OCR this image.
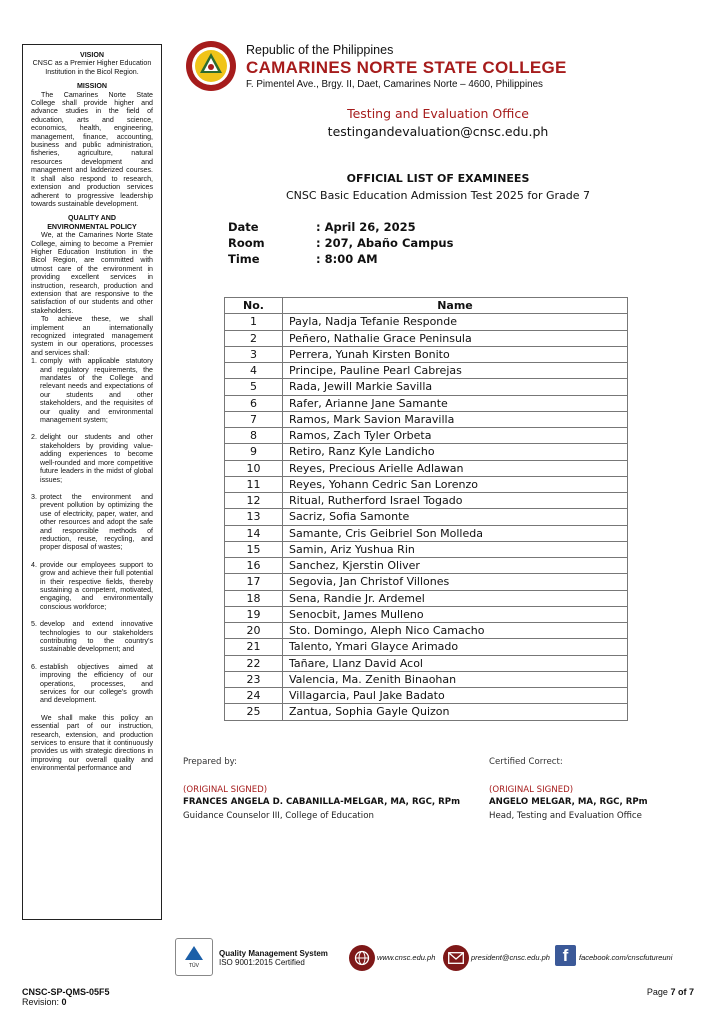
VISION
CNSC as a Premier Higher Education Institution in the Bicol Region.
MISSION
The Camarines Norte State College shall provide higher and advance studies in the field of education, arts and science, economics, health, engineering, management, finance, accounting, business and public administration, fisheries, agriculture, natural resources development and management and ladderized courses. It shall also respond to research, extension and production services adherent to progressive leadership towards sustainable development.
QUALITY AND
ENVIRONMENTAL POLICY
We, at the Camarines Norte State College, aiming to become a Premier Higher Education Institution in the Bicol Region, are committed with utmost care of the environment in providing excellent services in instruction, research, production and extension that are responsive to the satisfaction of our students and other stakeholders.
To achieve these, we shall implement an internationally recognized integrated management system in our operations, processes and services shall:
1. comply with applicable statutory and regulatory requirements, the mandates of the College and relevant needs and expectations of our students and other stakeholders, and the requisites of our quality and environmental management system;
2. delight our students and other stakeholders by providing value-adding experiences to become well-rounded and more competitive future leaders in the midst of global issues;
3. protect the environment and prevent pollution by optimizing the use of electricity, paper, water, and other resources and adopt the safe and responsible methods of reduction, reuse, recycling, and proper disposal of wastes;
4. provide our employees support to grow and achieve their full potential in their respective fields, thereby sustaining a competent, motivated, engaging, and environmentally conscious workforce;
5. develop and extend innovative technologies to our stakeholders contributing to the country's sustainable development; and
6. establish objectives aimed at improving the efficiency of our operations, processes, and services for our college's growth and development.
We shall make this policy an essential part of our instruction, research, extension, and production services to ensure that it continuously provides us with strategic directions in improving our overall quality and environmental performance and
Republic of the Philippines
CAMARINES NORTE STATE COLLEGE
F. Pimentel Ave., Brgy. II, Daet, Camarines Norte – 4600, Philippines
Testing and Evaluation Office
testingandevaluation@cnsc.edu.ph
OFFICIAL LIST OF EXAMINEES
CNSC Basic Education Admission Test 2025 for Grade 7
Date	: April 26, 2025
Room	: 207, Abaño Campus
Time	: 8:00 AM
No.	Name
1	Payla, Nadja Tefanie Responde
2	Peñero, Nathalie Grace Peninsula
3	Perrera, Yunah Kirsten Bonito
4	Principe, Pauline Pearl Cabrejas
5	Rada, Jewill Markie Savilla
6	Rafer, Arianne Jane Samante
7	Ramos, Mark Savion Maravilla
8	Ramos, Zach Tyler Orbeta
9	Retiro, Ranz Kyle Landicho
10	Reyes, Precious Arielle Adlawan
11	Reyes, Yohann Cedric San Lorenzo
12	Ritual, Rutherford Israel Togado
13	Sacriz, Sofia Samonte
14	Samante, Cris Geibriel Son Molleda
15	Samin, Ariz Yushua Rin
16	Sanchez, Kjerstin Oliver
17	Segovia, Jan Christof Villones
18	Sena, Randie Jr. Ardemel
19	Senocbit, James Mulleno
20	Sto. Domingo, Aleph Nico Camacho
21	Talento, Ymari Glayce Arimado
22	Tañare, Llanz David Acol
23	Valencia, Ma. Zenith Binaohan
24	Villagarcia, Paul Jake Badato
25	Zantua, Sophia Gayle Quizon
Prepared by:
(ORIGINAL SIGNED)
FRANCES ANGELA D. CABANILLA-MELGAR, MA, RGC, RPm
Guidance Counselor III, College of Education
Certified Correct:
(ORIGINAL SIGNED)
ANGELO MELGAR, MA, RGC, RPm
Head, Testing and Evaluation Office
TÜV
Quality Management System
ISO 9001:2015 Certified
www.cnsc.edu.ph	president@cnsc.edu.ph f	facebook.com/cnscfutureuni
CNSC-SP-QMS-05F5
Revision: 0
Page 7 of 7
